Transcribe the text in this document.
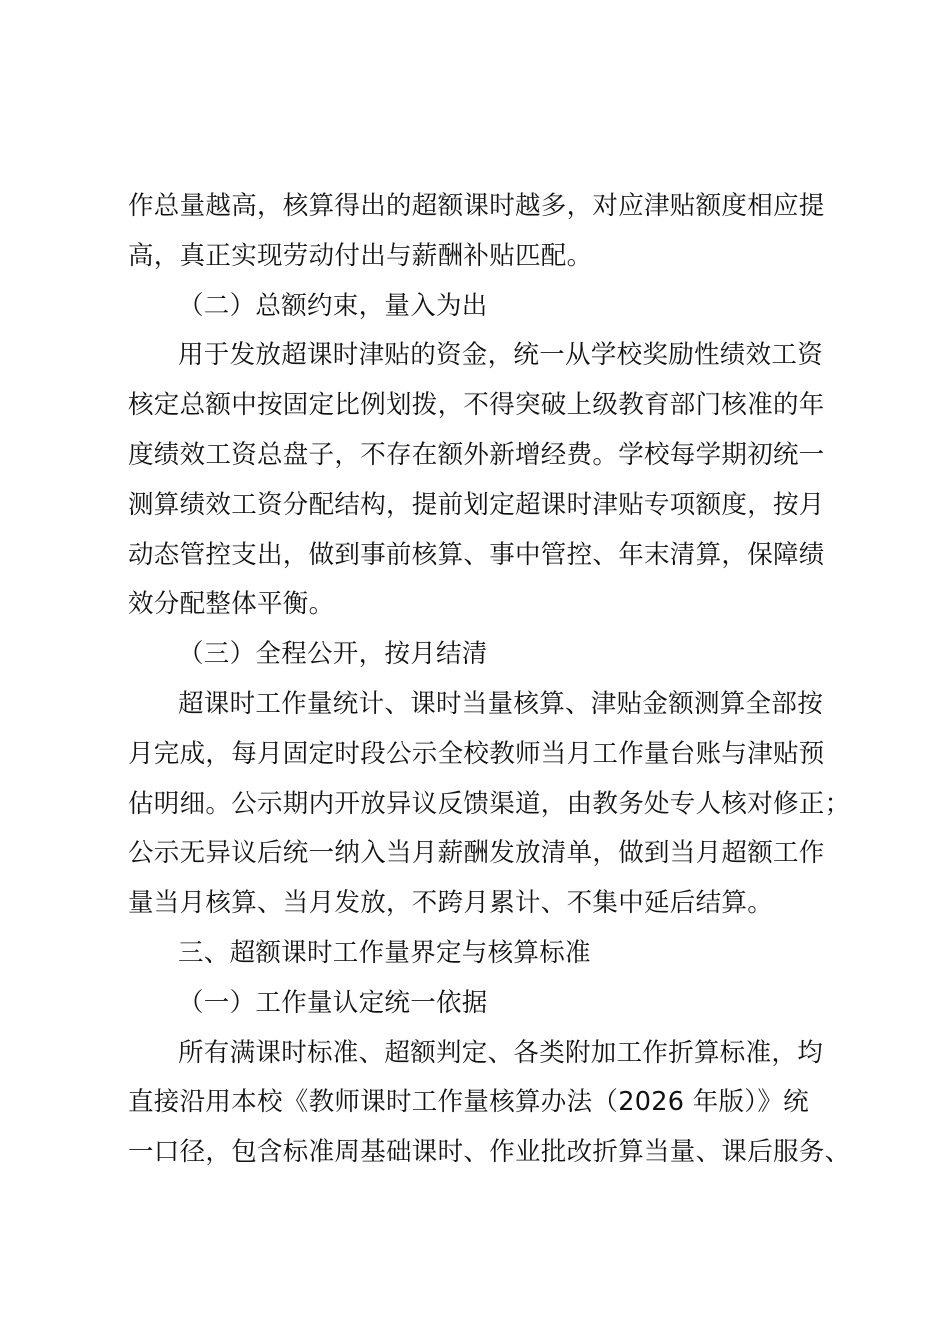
作总量越高，核算得出的超额课时越多，对应津贴额度相应提
高，真正实现劳动付出与薪酬补贴匹配。
（二）总额约束，量入为出
用于发放超课时津贴的资金，统一从学校奖励性绩效工资
核定总额中按固定比例划拨，不得突破上级教育部门核准的年
度绩效工资总盘子，不存在额外新增经费。学校每学期初统一
测算绩效工资分配结构，提前划定超课时津贴专项额度，按月
动态管控支出，做到事前核算、事中管控、年末清算，保障绩
效分配整体平衡。
（三）全程公开，按月结清
超课时工作量统计、课时当量核算、津贴金额测算全部按
月完成，每月固定时段公示全校教师当月工作量台账与津贴预
估明细。公示期内开放异议反馈渠道，由教务处专人核对修正；
公示无异议后统一纳入当月薪酬发放清单，做到当月超额工作
量当月核算、当月发放，不跨月累计、不集中延后结算。
三、超额课时工作量界定与核算标准
（一）工作量认定统一依据
所有满课时标准、超额判定、各类附加工作折算标准，均
直接沿用本校《教师课时工作量核算办法（2026 年版）》统
一口径，包含标准周基础课时、作业批改折算当量、课后服务、
